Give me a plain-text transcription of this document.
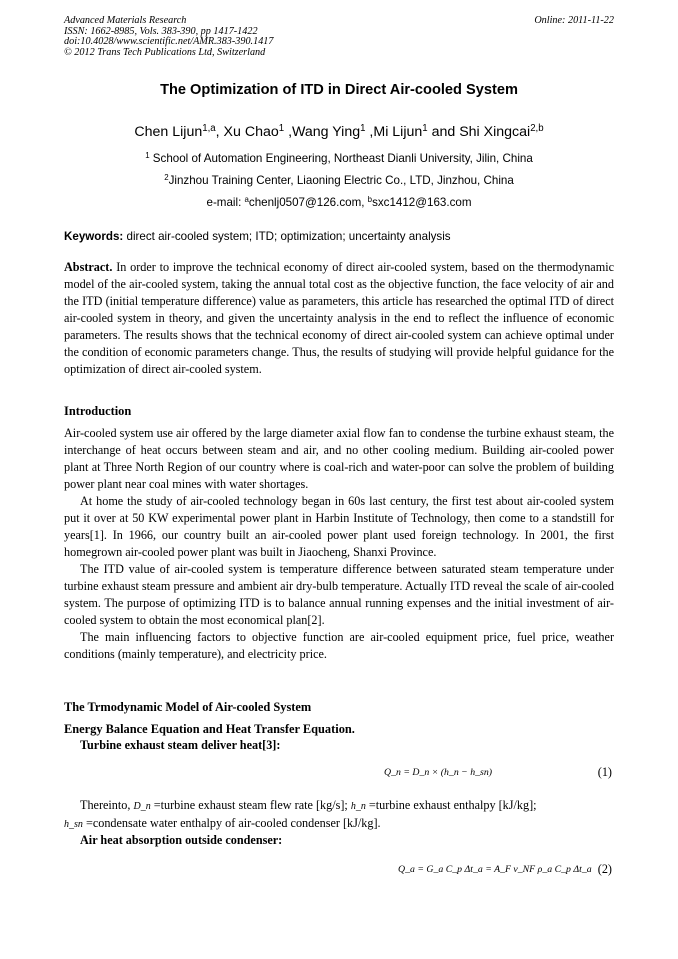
Advanced Materials Research
ISSN: 1662-8985, Vols. 383-390, pp 1417-1422
doi:10.4028/www.scientific.net/AMR.383-390.1417
© 2012 Trans Tech Publications Ltd, Switzerland
Online: 2011-11-22
The Optimization of ITD in Direct Air-cooled System
Chen Lijun$^{1,a}$, Xu Chao$^1$ ,Wang Ying$^1$ ,Mi Lijun$^1$ and Shi Xingcai$^{2,b}$
$^1$ School of Automation Engineering, Northeast Dianli University, Jilin, China
$^2$Jinzhou Training Center, Liaoning Electric Co., LTD, Jinzhou, China
e-mail: $^a$chenlj0507@126.com, $^b$sxc1412@163.com
Keywords: direct air-cooled system; ITD; optimization; uncertainty analysis
Abstract. In order to improve the technical economy of direct air-cooled system, based on the thermodynamic model of the air-cooled system, taking the annual total cost as the objective function, the face velocity of air and the ITD (initial temperature difference) value as parameters, this article has researched the optimal ITD of direct air-cooled system in theory, and given the uncertainty analysis in the end to reflect the influence of economic parameters. The results shows that the technical economy of direct air-cooled system can achieve optimal under the condition of economic parameters change. Thus, the results of studying will provide helpful guidance for the optimization of direct air-cooled system.
Introduction

Air-cooled system use air offered by the large diameter axial flow fan to condense the turbine exhaust steam, the interchange of heat occurs between steam and air, and no other cooling medium. Building air-cooled power plant at Three North Region of our country where is coal-rich and water-poor can solve the problem of building power plant near coal mines with water shortages.

At home the study of air-cooled technology began in 60s last century, the first test about air-cooled system put it over at 50 KW experimental power plant in Harbin Institute of Technology, then come to a standstill for years[1]. In 1966, our country built an air-cooled power plant used foreign technology. In 2001, the first homegrown air-cooled power plant was built in Jiaocheng, Shanxi Province.

The ITD value of air-cooled system is temperature difference between saturated steam temperature under turbine exhaust steam pressure and ambient air dry-bulb temperature. Actually ITD reveal the scale of air-cooled system. The purpose of optimizing ITD is to balance annual running expenses and the initial investment of air-cooled system to obtain the most economical plan[2].

The main influencing factors to objective function are air-cooled equipment price, fuel price, weather conditions (mainly temperature), and electricity price.

The Trmodynamic Model of Air-cooled System
Energy Balance Equation and Heat Transfer Equation.
Turbine exhaust steam deliver heat[3]:
Q_n = D_n × (h_n − h_sn)	(1)
Thereinto, D_n =turbine exhaust steam flew rate [kg/s]; h_n =turbine exhaust enthalpy [kJ/kg];
h_sn =condensate water enthalpy of air-cooled condenser [kJ/kg].
Air heat absorption outside condenser:
Q_a = G_a C_p Δt_a = A_F v_NF ρ_a C_p Δt_a (2)
